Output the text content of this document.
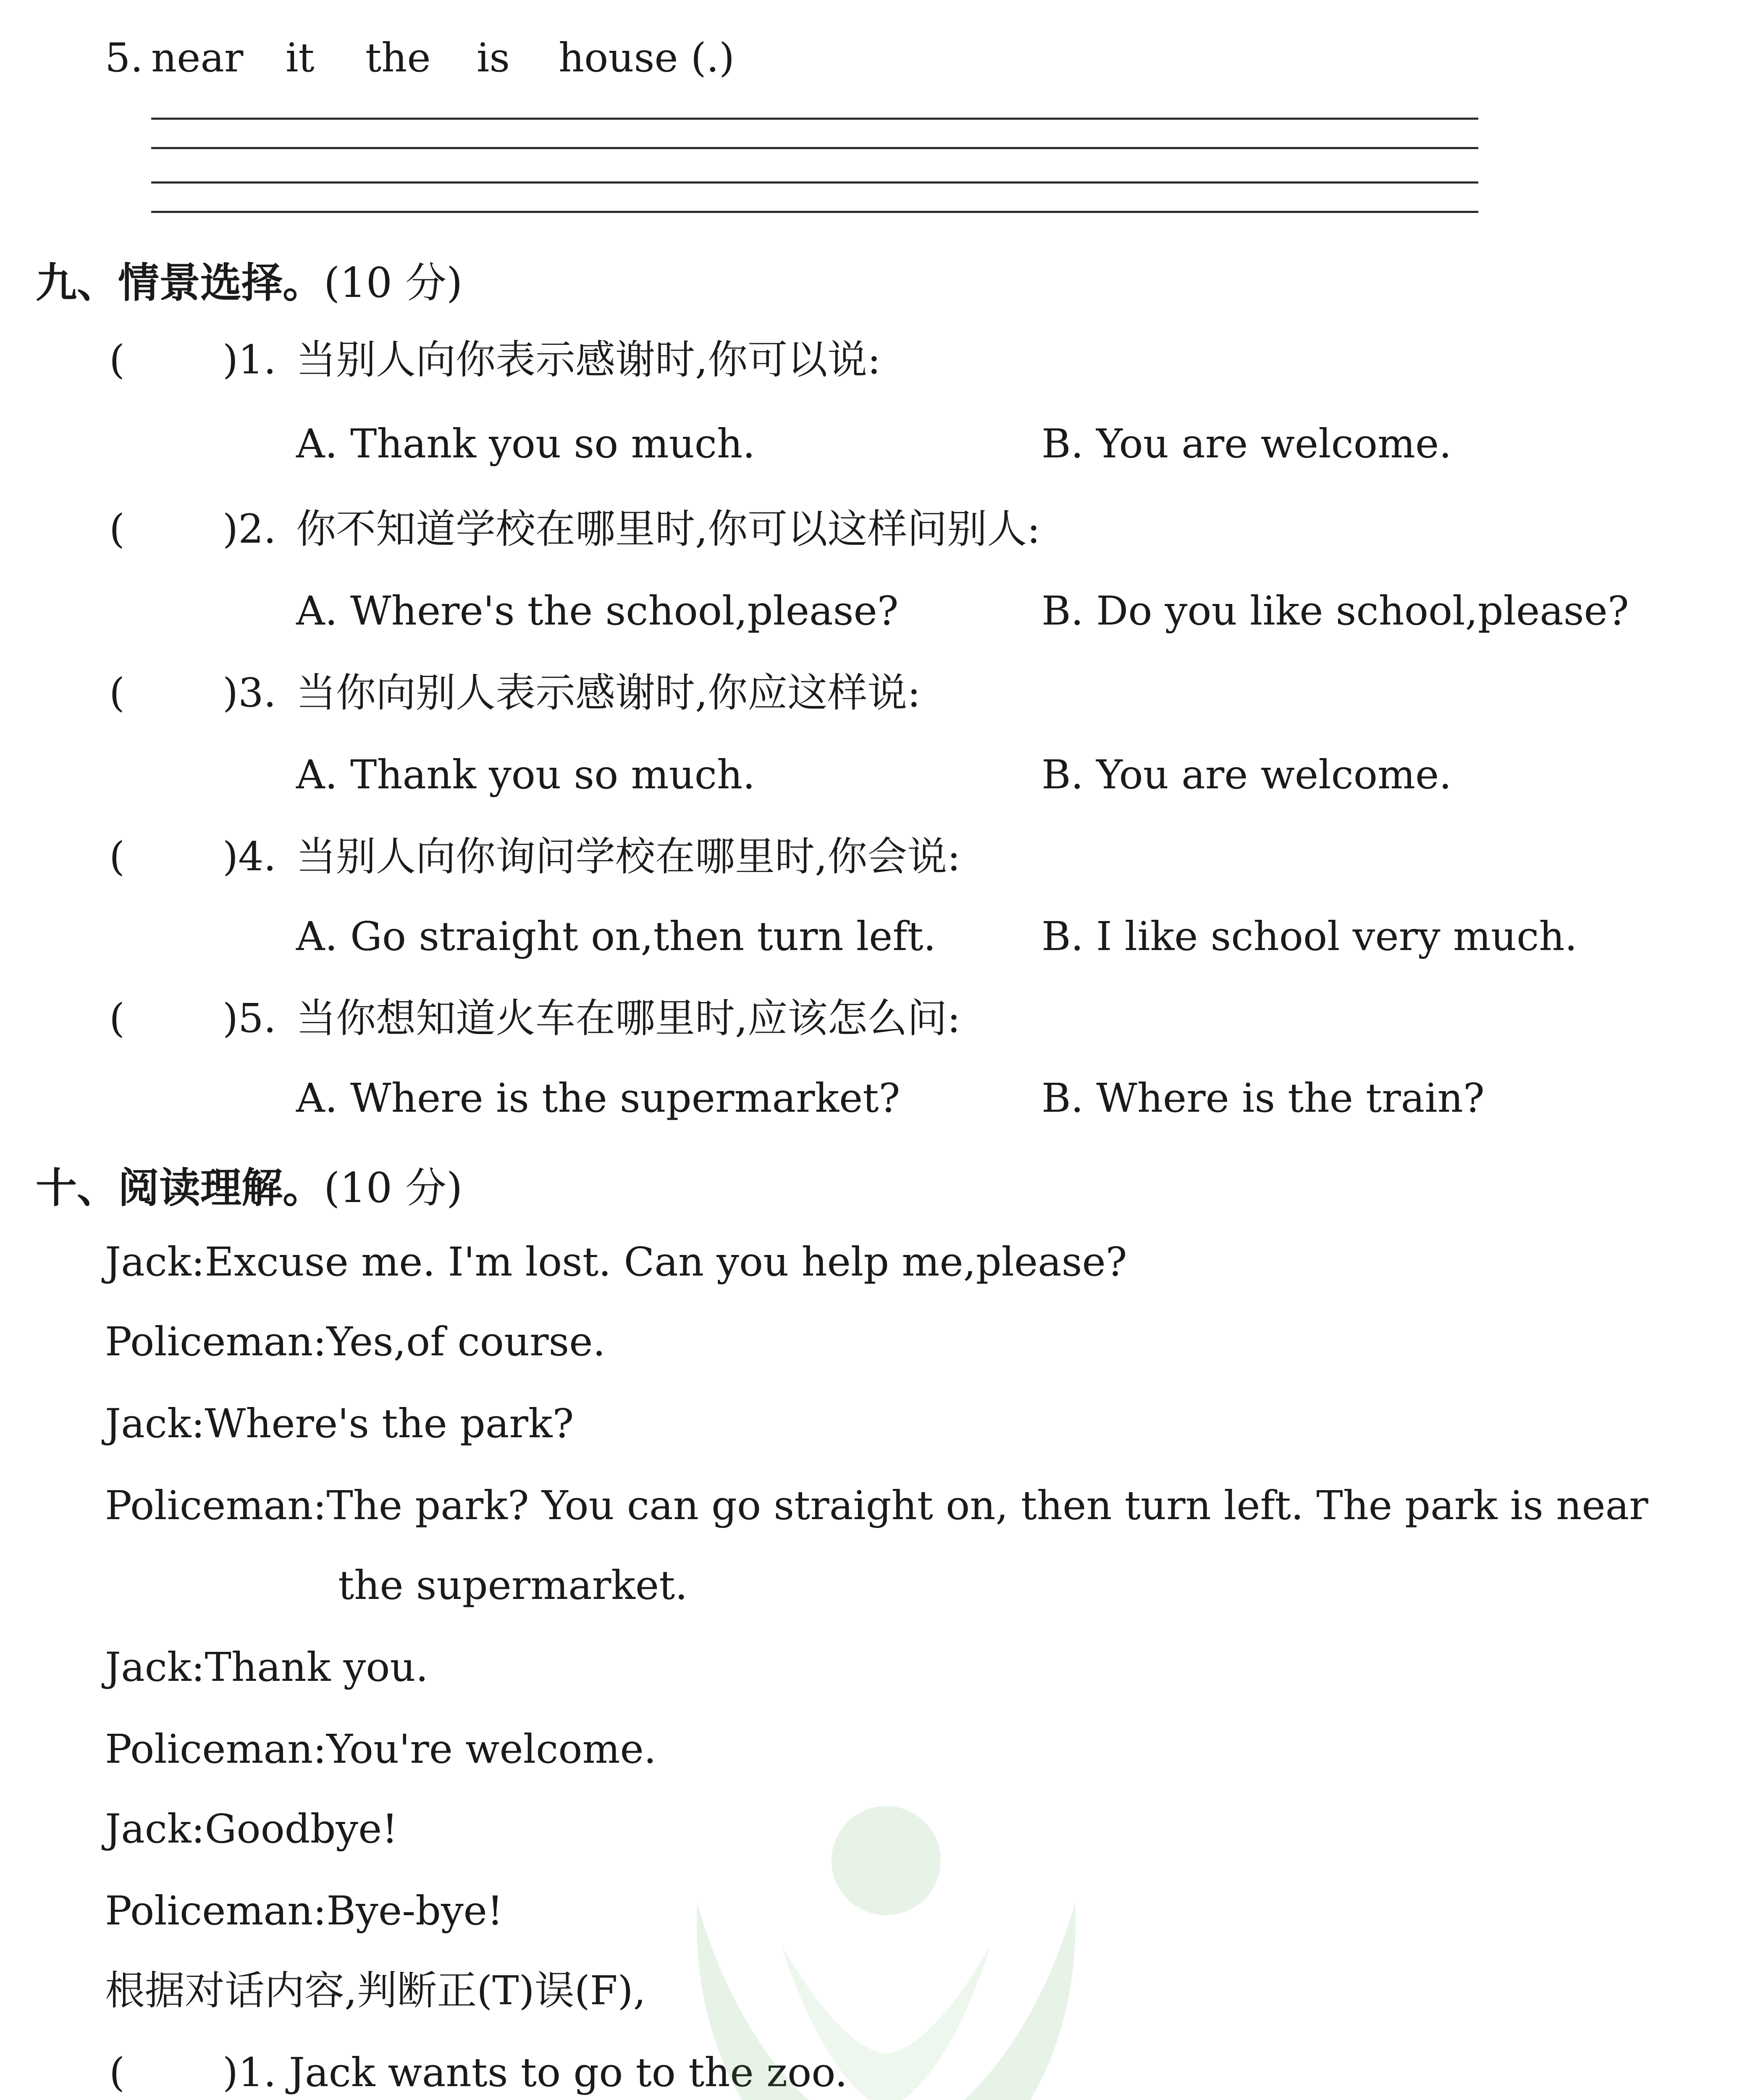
5. near it the is house (.)
九、情景选择。(10 分)
( )1. 当别人向你表示感谢时,你可以说:
A. Thank you so much.	B. You are welcome.
( )2. 你不知道学校在哪里时,你可以这样问别人:
A. Where's the school,please?	B. Do you like school,please?
( )3. 当你向别人表示感谢时,你应这样说:
A. Thank you so much.	B. You are welcome.
( )4. 当别人向你询问学校在哪里时,你会说:
A. Go straight on,then turn left.	B. I like school very much.
( )5. 当你想知道火车在哪里时,应该怎么问:
A. Where is the supermarket?	B. Where is the train?
十、阅读理解。(10 分)
Jack:Excuse me. I'm lost. Can you help me,please?
Policeman:Yes,of course.
Jack:Where's the park?
Policeman:The park? You can go straight on, then turn left. The park is near
the supermarket.
Jack:Thank you.
Policeman:You're welcome.
Jack:Goodbye!
Policeman:Bye-bye!
根据对话内容,判断正(T)误(F),
( )1. Jack wants to go to the zoo.
